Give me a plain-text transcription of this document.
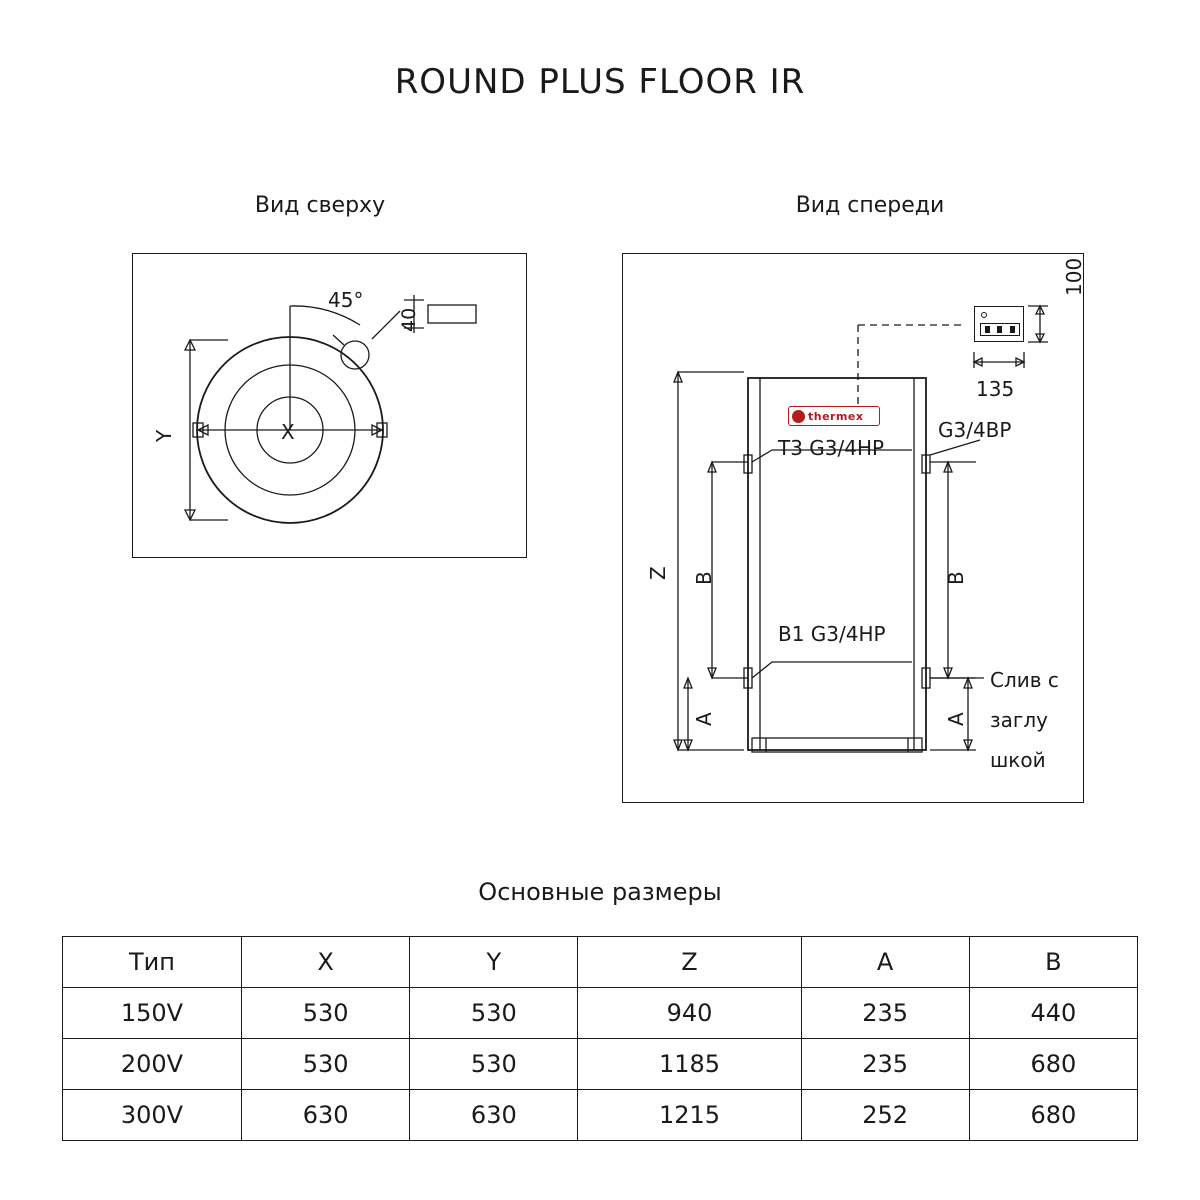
ROUND PLUS FLOOR IR
Вид сверху	Вид спереди
45°
40
X
Y
thermex
135
100
G3/4BP
T3 G3/4HP
B1 G3/4HP
Слив с
заглу
шкой
Z B
A
B
A
Основные размеры
Тип	X	Y	Z	A	B
150V	530	530	940	235	440
200V	530	530	1185	235	680
300V	630	630	1215	252	680
